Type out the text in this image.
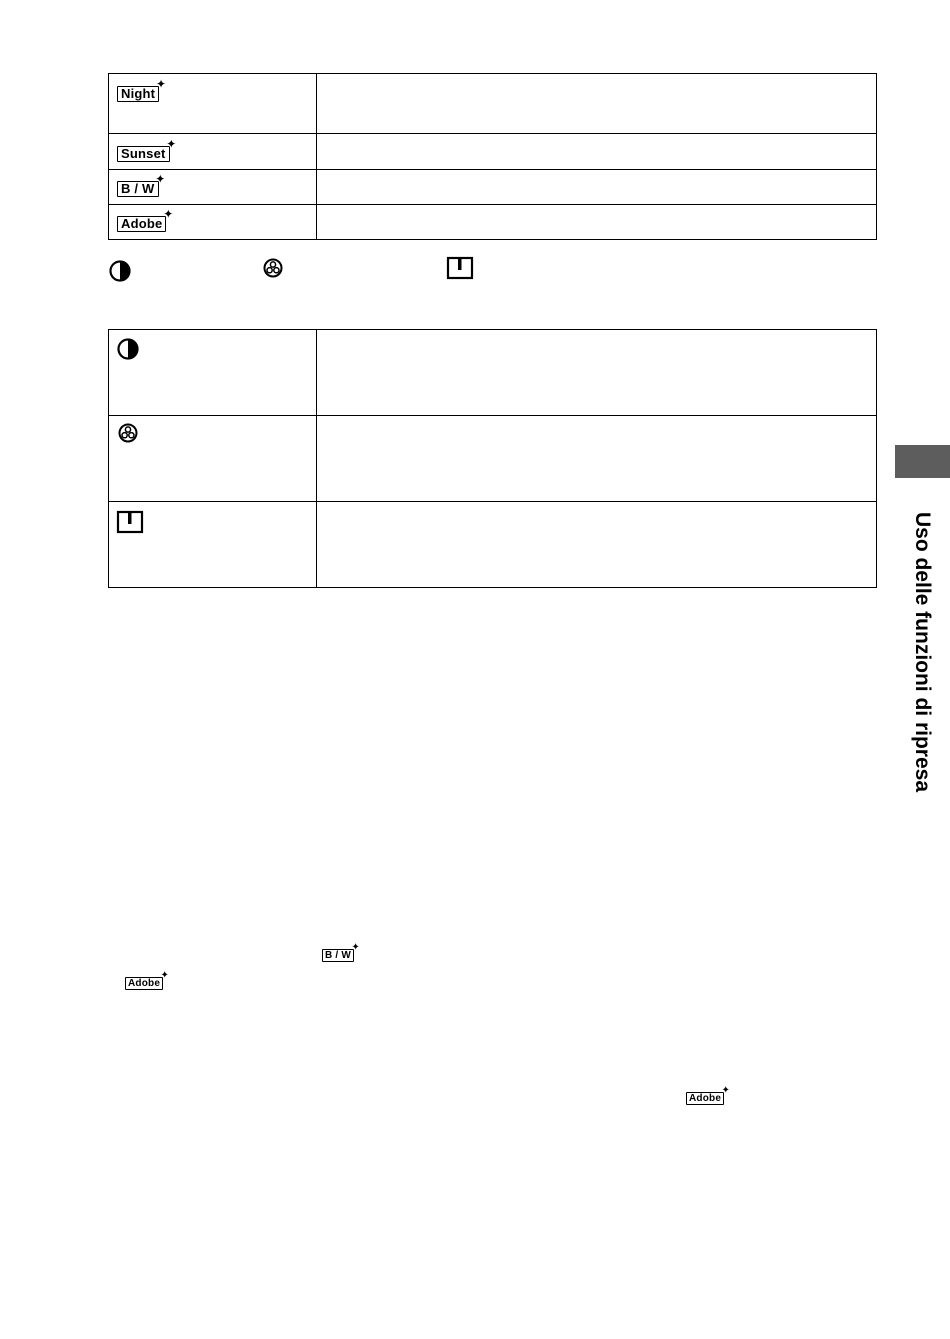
Night
✦	

Sunset
✦	

B / W
✦	

Adobe
✦	

B / W
✦
Adobe
✦
Adobe
✦
Uso delle funzioni di ripresa
